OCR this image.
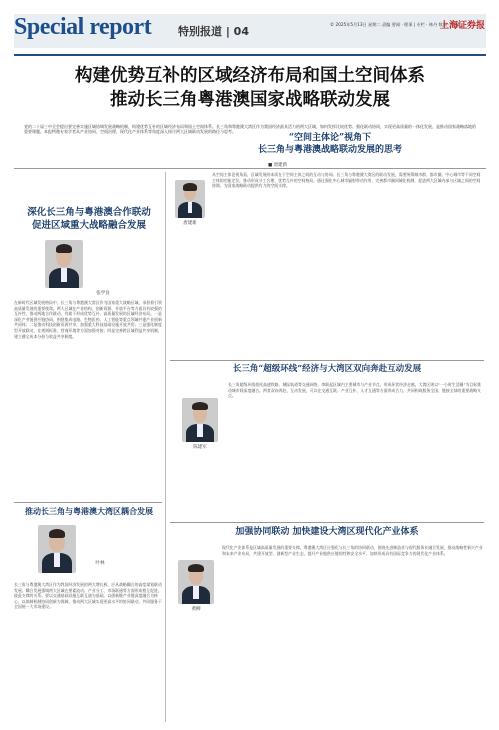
Special report 特别报道 | 04
© 2025年5月13日 星期二 责编 要闻 · 理事 | 专栏 · 林丹 数据 · 主编
上海证券报
构建优势互补的区域经济布局和国土空间体系
推动长三角粤港澳国家战略联动发展
党的二十届三中全会提出要完善实施区域协调发展战略机制，构建优势互补的区域经济布局和国土空间体系。长三角和粤港澳大湾区作为我国经济最具活力的两大区域，如何发挥比较优势、强化联动协同，实现更高质量的一体化发展，是推动国家战略落地的重要课题。本报特邀专家学者从产业协同、空间治理、现代化产业体系等角度深入探讨两大区域联动发展的路径与思考。
深化长三角与粤港澳合作联动
促进区域重大战略融合发展
张学良
在新时代区域发展格局中，长三角与粤港澳大湾区作为国家重大战略区域，承担着引领高质量发展的重要使命。两大区域在产业结构、创新资源、开放平台等方面具有较强的互补性，推动两地合作联动，有助于形成优势互补、高质量发展的区域经济布局。一是深化产业链供应链协同，围绕集成电路、生物医药、人工智能等重点领域共建产业创新共同体；二是推动科技创新资源共享，加强重大科技基础设施开放共用；三是强化制度型开放联动，在规则标准、营商环境等方面加强对接；四是完善跨区域利益共享机制，建立健全成本分担与收益共享制度。
推动长三角与粤港澳大湾区耦合发展
叶林
长三角与粤港澳大湾区作为我国经济发展的两大增长极，应从战略耦合的高度谋划联动发展。耦合发展强调两大区域在要素流动、产业分工、市场联通等方面形成相互促进、彼此支撑的关系。要以交通基础设施互联互通为基础，以创新链产业链深度融合为核心，以体制机制协同创新为保障，推动两大区域实现更高水平的协同联动，共同服务于全国统一大市场建设。
“空间主体论”视角下
长三角与粤港澳战略联动发展的思考
■ 唐建新
唐建新
从空间主体论视角看，区域发展的本质在于空间主体之间的互动与协同。长三角与粤港澳大湾区的联动发展，需要统筹城市群、都市圈、中心城市等不同空间主体的功能定位，推动形成分工合理、优势互补的空间格局。通过强化中心城市辐射带动作用，完善都市圈同城化机制，促进两大区域内部与区域之间的空间协调，为国家战略联动提供有力的空间支撑。
长三角“超级环线”经济与大湾区双向奔赴互动发展
陈建军
长三角超级环线依托高速铁路、城际轨道等交通网络，串联起区域内主要城市与产业节点，形成环状经济走廊。大湾区则以“一小时生活圈”为目标推动城市间深度融合。两者双向奔赴、互动发展，可以在交通互联、产业互补、人才互通等方面形成合力，共同构筑服务全国、链接全球的重要战略支点。
加强协同联动 加快建设大湾区现代化产业体系
黄柳
现代化产业体系是区域高质量发展的重要支撑。粤港澳大湾区应强化与长三角的协同联动，围绕先进制造业与现代服务业融合发展，推动战略性新兴产业和未来产业布局，共建开放型、创新型产业生态，提升产业链供应链韧性和安全水平，加快形成具有国际竞争力的现代化产业体系。
